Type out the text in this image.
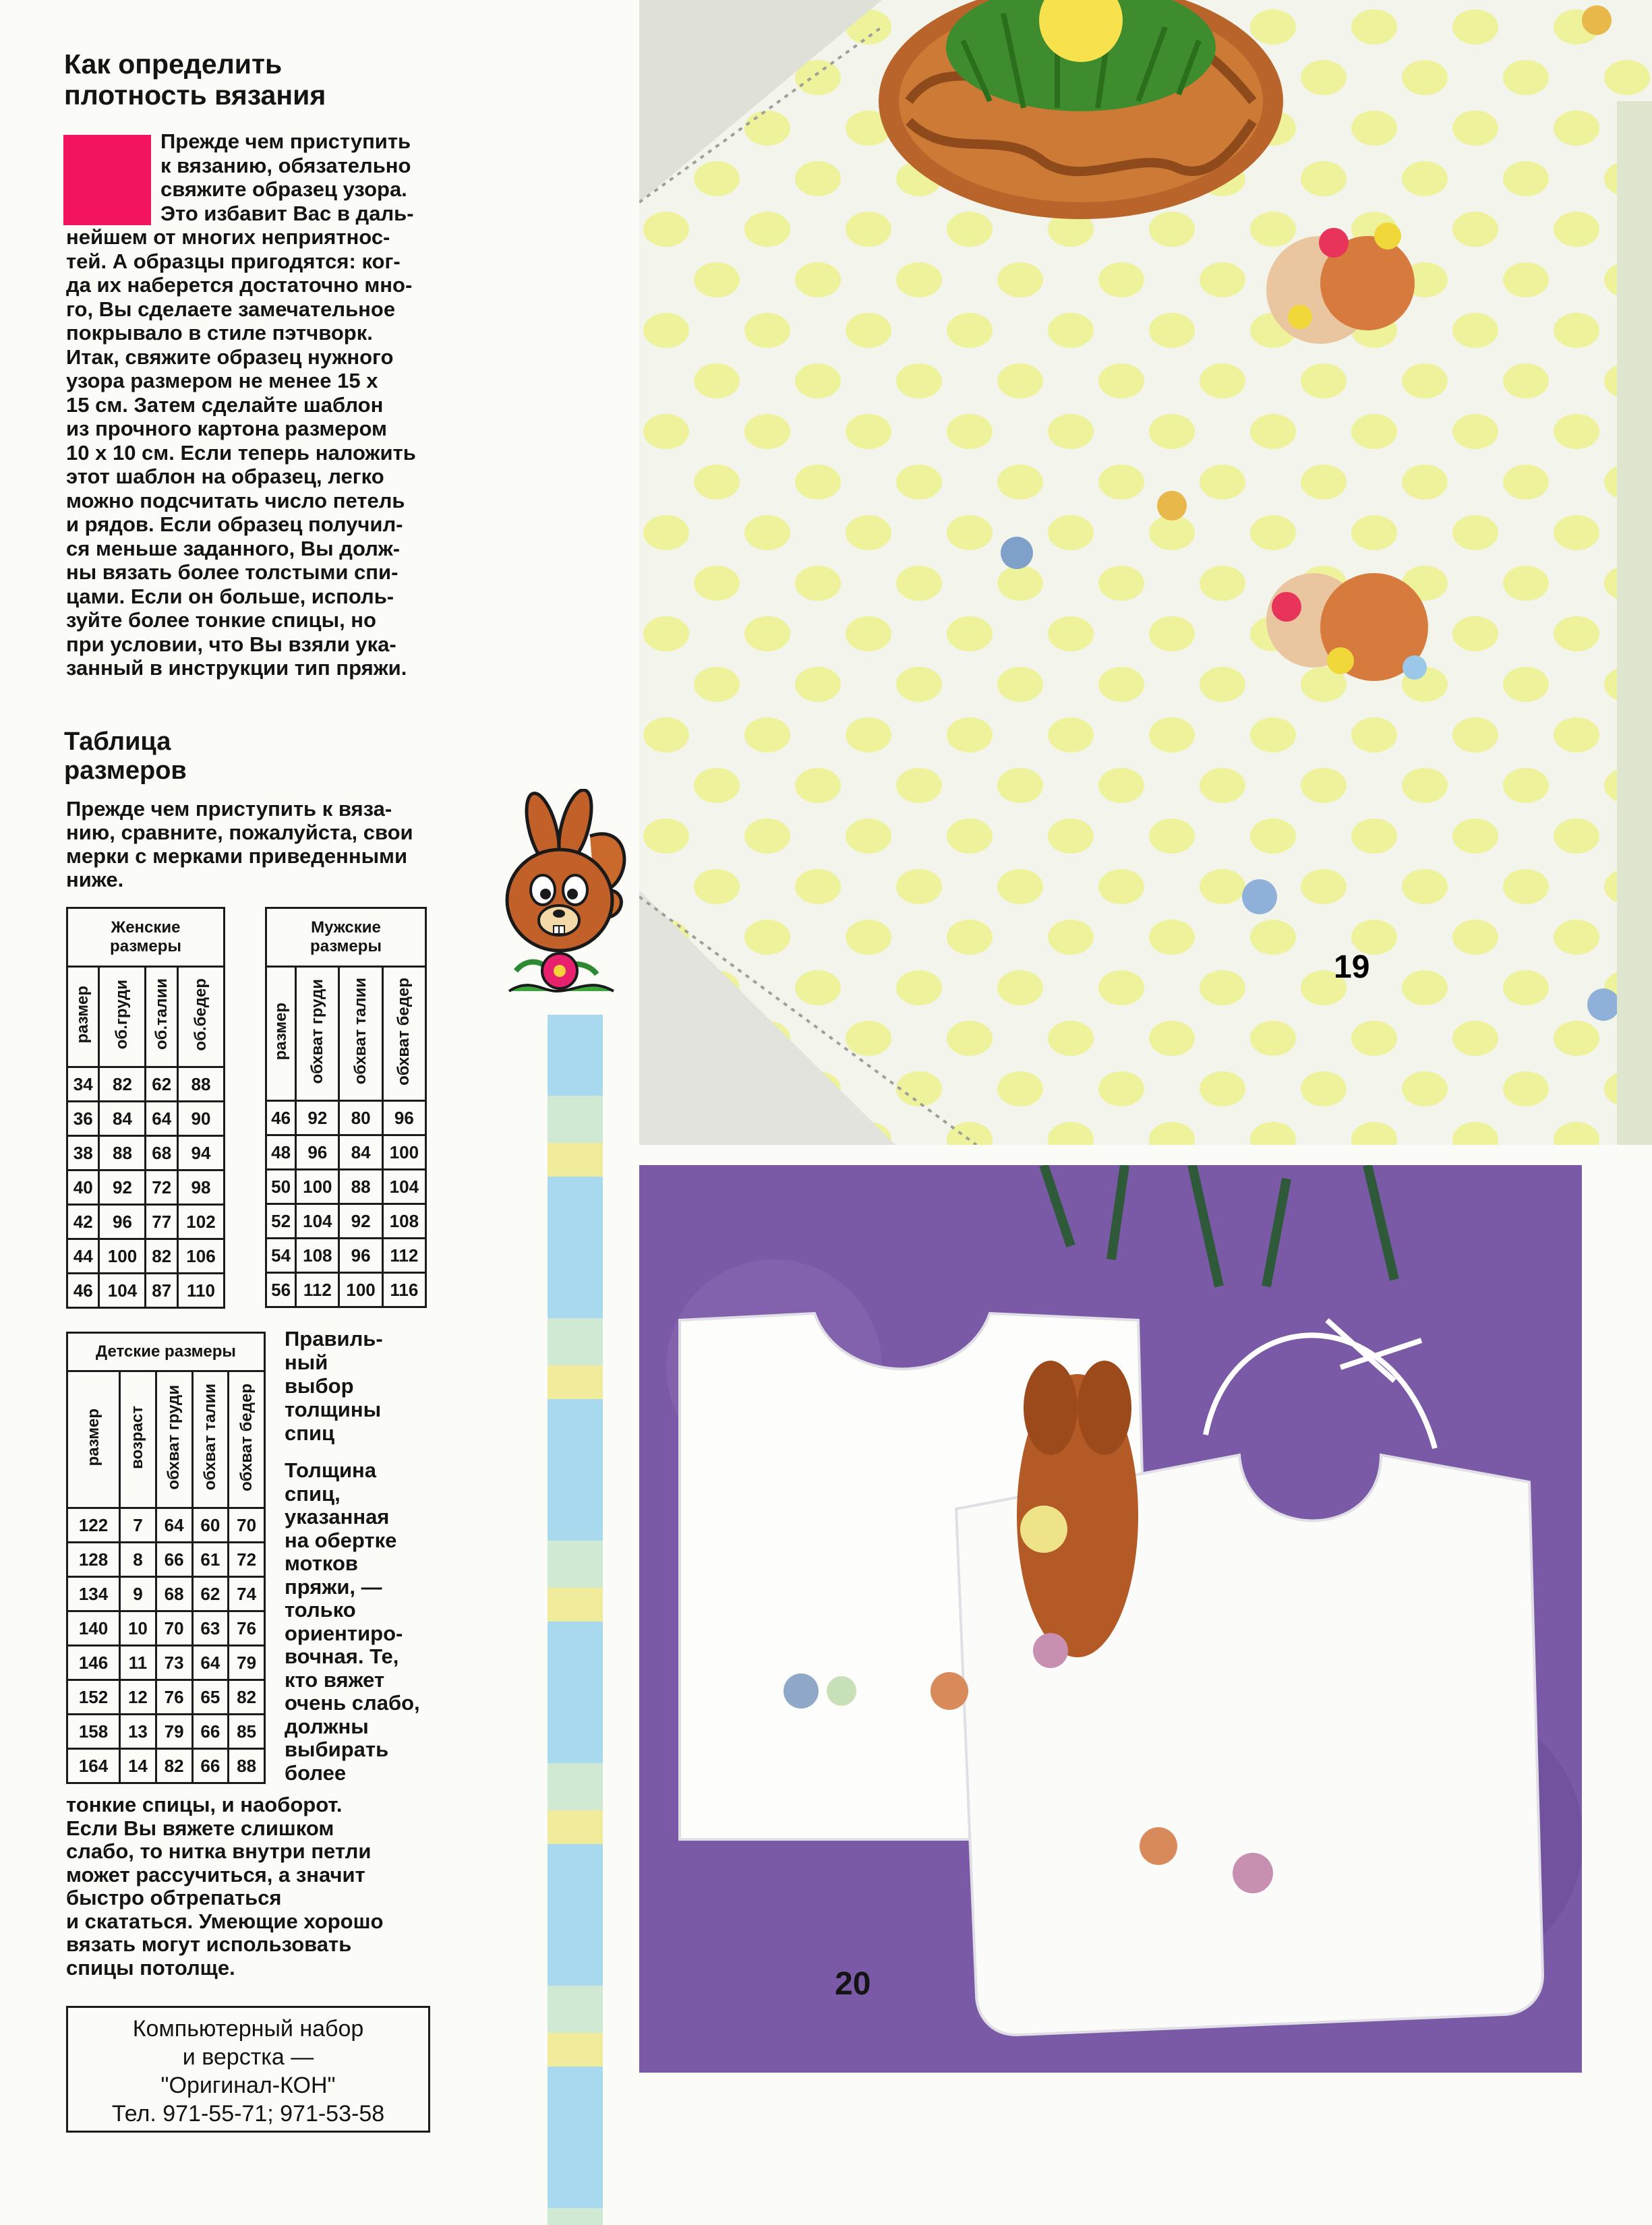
Как определить
плотность вязания
Прежде чем приступить
к вязанию, обязательно
свяжите образец узора.
Это избавит Вас в даль-
нейшем от многих неприятнос-
тей. А образцы пригодятся: ког-
да их наберется достаточно мно-
го, Вы сделаете замечательное
покрывало в стиле пэтчворк.
Итак, свяжите образец нужного
узора размером не менее 15 х
15 см. Затем сделайте шаблон
из прочного картона размером
10 х 10 см. Если теперь наложить
этот шаблон на образец, легко
можно подсчитать число петель
и рядов. Если образец получил-
ся меньше заданного, Вы долж-
ны вязать более толстыми спи-
цами. Если он больше, исполь-
зуйте более тонкие спицы, но
при условии, что Вы взяли ука-
занный в инструкции тип пряжи.
Таблица
размеров
Прежде чем приступить к вяза-
нию, сравните, пожалуйста, свои
мерки с мерками приведенными
ниже.
Женские
размеры			

размер	об.груди	об.талии	об.бедер
34	82	62	88
36	84	64	90
38	88	68	94
40	92	72	98
42	96	77	102
44	100	82	106
46	104	87	110
Мужские
размеры			

размер	обхват груди	обхват талии	обхват бедер
46	92	80	96
48	96	84	100
50	100	88	104
52	104	92	108
54	108	96	112
56	112	100	116
Детские размеры				
размер	возраст	обхват груди	обхват талии	обхват бедер
122	7	64	60	70
128	8	66	61	72
134	9	68	62	74
140	10	70	63	76
146	11	73	64	79
152	12	76	65	82
158	13	79	66	85
164	14	82	66	88
Правиль-
ный
выбор
толщины
спиц
Толщина
спиц,
указанная
на обертке
мотков
пряжи, —
только
ориентиро-
вочная. Те,
кто вяжет
очень слабо,
должны
выбирать
более
тонкие спицы, и наоборот.
Если Вы вяжете слишком
слабо, то нитка внутри петли
может рассучиться, а значит
быстро обтрепаться
и скататься. Умеющие хорошо
вязать могут использовать
спицы потолще.
Компьютерный набор
и верстка —
"Оригинал-КОН"
Тел. 971-55-71; 971-53-58
19
20
